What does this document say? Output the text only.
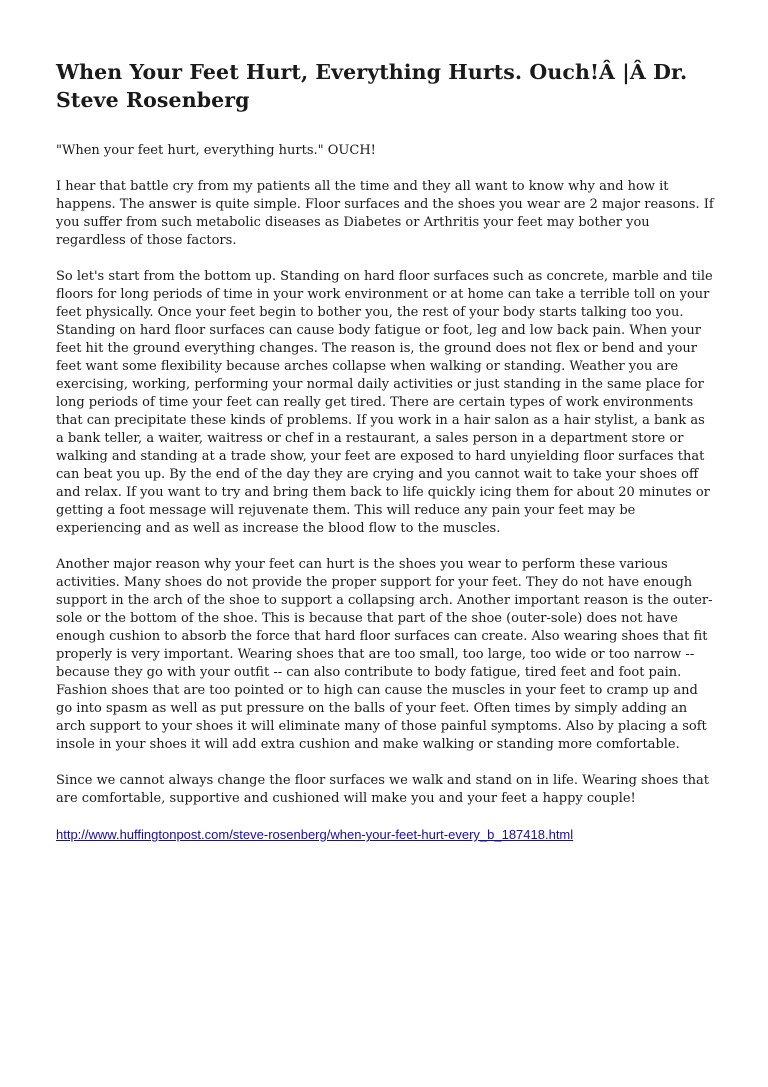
When Your Feet Hurt, Everything Hurts. Ouch!Â |Â Dr. Steve Rosenberg

"When your feet hurt, everything hurts." OUCH!

I hear that battle cry from my patients all the time and they all want to know why and how it happens. The answer is quite simple. Floor surfaces and the shoes you wear are 2 major reasons. If you suffer from such metabolic diseases as Diabetes or Arthritis your feet may bother you regardless of those factors.

So let's start from the bottom up. Standing on hard floor surfaces such as concrete, marble and tile floors for long periods of time in your work environment or at home can take a terrible toll on your feet physically. Once your feet begin to bother you, the rest of your body starts talking too you. Standing on hard floor surfaces can cause body fatigue or foot, leg and low back pain. When your feet hit the ground everything changes. The reason is, the ground does not flex or bend and your feet want some flexibility because arches collapse when walking or standing. Weather you are exercising, working, performing your normal daily activities or just standing in the same place for long periods of time your feet can really get tired. There are certain types of work environments that can precipitate these kinds of problems. If you work in a hair salon as a hair stylist, a bank as a bank teller, a waiter, waitress or chef in a restaurant, a sales person in a department store or walking and standing at a trade show, your feet are exposed to hard unyielding floor surfaces that can beat you up. By the end of the day they are crying and you cannot wait to take your shoes off and relax. If you want to try and bring them back to life quickly icing them for about 20 minutes or getting a foot message will rejuvenate them. This will reduce any pain your feet may be experiencing and as well as increase the blood flow to the muscles.

Another major reason why your feet can hurt is the shoes you wear to perform these various activities. Many shoes do not provide the proper support for your feet. They do not have enough support in the arch of the shoe to support a collapsing arch. Another important reason is the outer-sole or the bottom of the shoe. This is because that part of the shoe (outer-sole) does not have enough cushion to absorb the force that hard floor surfaces can create. Also wearing shoes that fit properly is very important. Wearing shoes that are too small, too large, too wide or too narrow -- because they go with your outfit -- can also contribute to body fatigue, tired feet and foot pain. Fashion shoes that are too pointed or to high can cause the muscles in your feet to cramp up and go into spasm as well as put pressure on the balls of your feet. Often times by simply adding an arch support to your shoes it will eliminate many of those painful symptoms. Also by placing a soft insole in your shoes it will add extra cushion and make walking or standing more comfortable.

Since we cannot always change the floor surfaces we walk and stand on in life. Wearing shoes that are comfortable, supportive and cushioned will make you and your feet a happy couple!

http://www.huffingtonpost.com/steve-rosenberg/when-your-feet-hurt-every_b_187418.html
